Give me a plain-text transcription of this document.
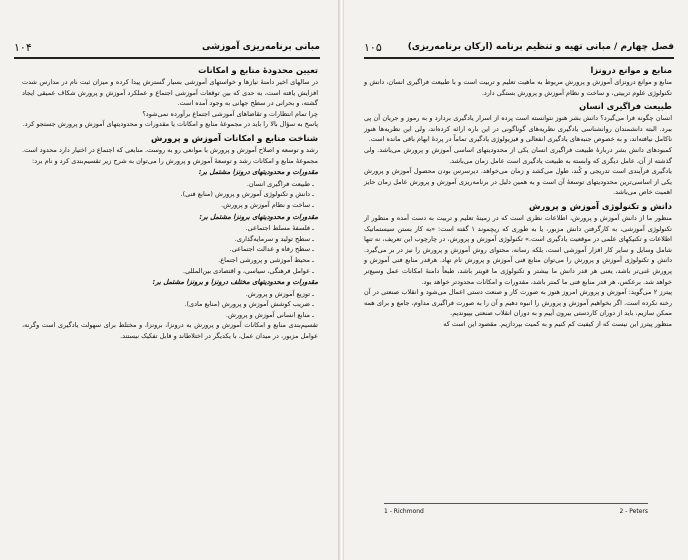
مبانی برنامه‌ریزی آموزشی
۱۰۴
تعیین محدودهٔ منابع و امکانات
در سالهای اخیر دامنهٔ نیازها و خواستهای آموزشی بسیار گسترش پیدا کرده و میزان ثبت نام در مدارس شدت افزایش یافته است، به حدی که بین توقعات آموزشی اجتماع و عملکرد آموزش و پرورش شکاف عمیقی ایجاد گشته، و بحرانی در سطح جهانی به وجود آمده است.
چرا تمام انتظارات و تقاضاهای آموزشی اجتماع برآورده نمی‌شود؟
پاسخ به سؤال بالا را باید در مجموعهٔ منابع و امکانات یا مقدورات و محدودیتهای آموزش و پرورش جستجو کرد.
شناخت منابع و امکانات آموزش و پرورش
رشد و توسعه و اصلاح آموزش و پرورش با موانعی رو به روست. منابعی که اجتماع در اختیار دارد محدود است. مجموعهٔ منابع و امکانات رشد و توسعهٔ آموزش و پرورش را می‌توان به شرح زیر تقسیم‌بندی کرد و نام برد:
مقدورات و محدودیتهای درونزا مشتمل بر:
ـ طبیعت فراگیری انسان.
ـ دانش و تکنولوژی آموزش و پرورش (منابع فنی).
ـ ساخت و نظام آموزش و پرورش.
مقدورات و محدودیتهای برونزا مشتمل بر:
ـ فلسفهٔ مسلط اجتماعی.
ـ سطح تولید و سرمایه‌گذاری.
ـ سطح رفاه و عدالت اجتماعی.
ـ محیط آموزشی و پرورشی اجتماع.
ـ عوامل فرهنگی، سیاسی، و اقتصادی بین‌المللی.
مقدورات و محدودیتهای مختلف درونزا و برونزا مشتمل بر:
ـ توزیع آموزش و پرورش.
ـ ضریب کوشش آموزش و پرورش (منابع مادی).
ـ منابع انسانی آموزش و پرورش.
تقسیم‌بندی منابع و امکانات آموزش و پرورش به درونزا، برونزا، و مختلط برای سهولت یادگیری است وگرنه، عوامل مزبور، در میدان عمل، با یکدیگر در اختلاطاند و قابل تفکیک نیستند.
فصل چهارم / مبانی تهیه و تنظیم برنامه (ارکان برنامه‌ریزی)
۱۰۵
منابع و موانع درونزا
منابع و موانع درونزای آموزش و پرورش مربوط به ماهیت تعلیم و تربیت است و با طبیعت فراگیری انسان، دانش و تکنولوژی علوم تربیتی، و ساخت و نظام آموزش و پرورش بستگی دارد.
طبیعت فراگیری انسان
انسان چگونه فرا می‌گیرد؟ دانش بشر هنوز نتوانسته است پرده از اسرار یادگیری بردارد و به رموز و جریان آن پی ببرد. البته دانشمندان روانشناسی یادگیری نظریه‌های گوناگونی در این باره ارائه کرده‌اند، ولی این نظریه‌ها هنوز ناکامل نیافته‌اند، و به خصوص جنبه‌های یادگیری انفعالی و فیزیولوژی یادگیری تماماً در پردهٔ ابهام باقی مانده است.
کمبودهای دانش بشر دربارهٔ طبیعت فراگیری انسان یکی از محدودیتهای اساسی آموزش و پرورش می‌باشد. ولی گذشته از آن، عامل دیگری که وابسته به طبیعت یادگیری است عامل زمان می‌باشد.
یادگیری فرآیندی است تدریجی و کُند، طول می‌کشد و زمان می‌خواهد. دیرسرس بودن محصول آموزش و پرورش یکی از اساسی‌ترین محدودیتهای توسعهٔ آن است و به همین دلیل در برنامه‌ریزی آموزش و پرورش عامل زمان حایز اهمیت خاص می‌باشد.
دانش و تکنولوژی آموزش و پرورش
منظور ما از دانش آموزش و پرورش، اطلاعات نظری است که در زمینهٔ تعلیم و تربیت به دست آمده و منظور از تکنولوژی آموزشی، به کارگرفتن دانش مزبور، یا به طوری که ریچموند ۱ گفته است: «به کار بستن سیستماتیک اطلاعات و تکنیکهای علمی در موقعیت یادگیری است.» تکنولوژی آموزش و پرورش، در چارچوب این تعریف، نه تنها شامل وسایل و سایر کار افزار آموزشی است، بلکه رسانه، محتوای روش آموزش و پرورش را نیز در بر می‌گیرد. دانش و تکنولوژی آموزش و پرورش را می‌توان منابع فنی آموزش و پرورش نام نهاد. هرقدر منابع فنی آموزش و پرورش غنی‌تر باشد، یعنی هر قدر دانش ما بیشتر و تکنولوژی ما قویتر باشد، طبعاً دامنهٔ امکانات عمل وسیع‌تر خواهد شد. برعکس، هر قدر منابع فنی ما کمتر باشد، مقدورات و امکانات محدودتر خواهد بود.
پیترز ۲ می‌گوید: آموزش و پرورش امروز هنوز به صورت کار و صنعت دستی اعمال می‌شود و انقلاب صنعتی در آن رخنه نکرده است. اگر بخواهیم آموزش و پرورش را انبوه دهیم و آن را به صورت فراگیری مداوم، جامع و برای همه ممکن سازیم، باید از دوران کاردستی بیرون آییم و به دوران انقلاب صنعتی بپیوندیم.
منظور پیترز این نیست که از کیفیت کم کنیم و به کمیت بپردازیم. مقصود این است که
1 - Richmond	2 - Peters
